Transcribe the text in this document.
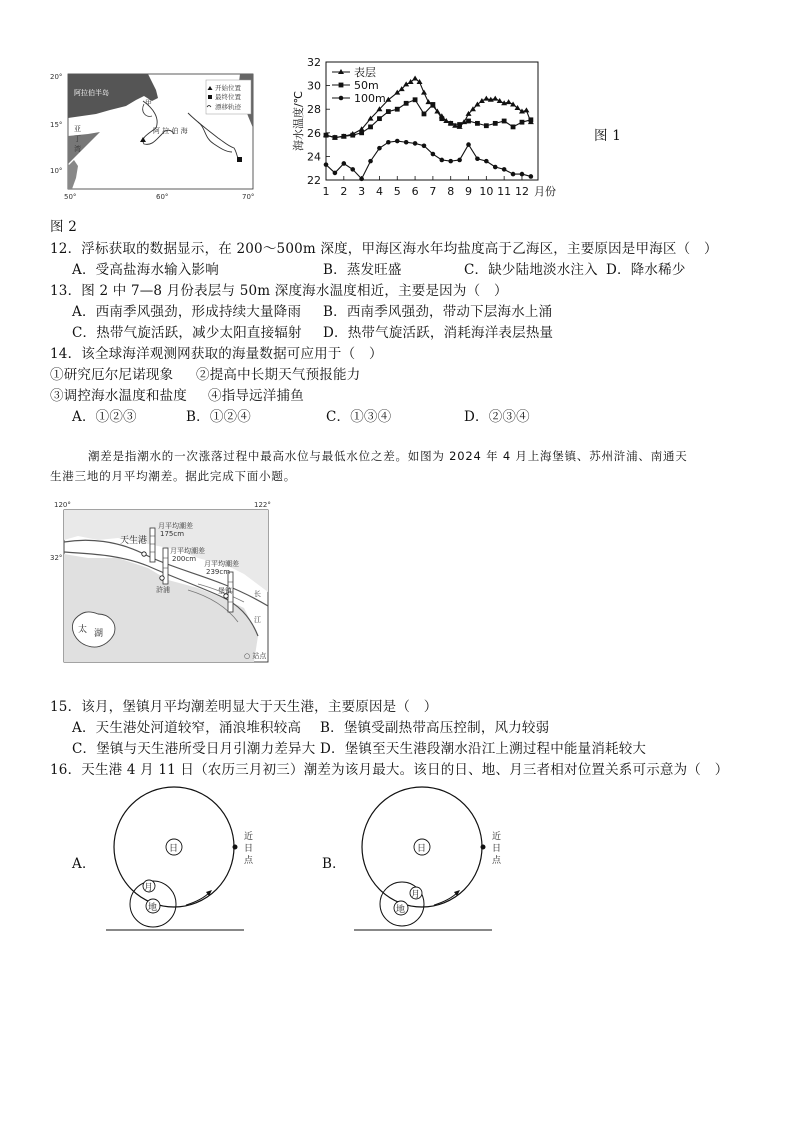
阿拉伯半岛
甲
阿 拉 伯 海
亚
丁
湾
开始位置
最终位置
漂移轨迹
20°
15°
10°
50°	60°	70°
22
24
26
28
30
32
1 2 3 4 5 6 7 8 9 10 11 12
表层
50m
100m
海水温度/℃
月份
图 1
图 2
12．浮标获取的数据显示，在 200～500m 深度，甲海区海水年均盐度高于乙海区，主要原因是甲海区（　）
A．受高盐海水输入影响	B．蒸发旺盛	C．缺少陆地淡水注入 D．降水稀少
13．图 2 中 7—8 月份表层与 50m 深度海水温度相近，主要是因为（　）
A．西南季风强劲，形成持续大量降雨 B．西南季风强劲，带动下层海水上涌
C．热带气旋活跃，减少太阳直接辐射 D．热带气旋活跃，消耗海洋表层热量
14．该全球海洋观测网获取的海量数据可应用于（　）
①研究厄尔尼诺现象 ②提高中长期天气预报能力
③调控海水温度和盐度 ④指导远洋捕鱼
A．①②③	B．①②④	C．①③④	D．②③④
潮差是指潮水的一次涨落过程中最高水位与最低水位之差。如图为 2024 年 4 月上海堡镇、苏州浒浦、南通天
生港三地的月平均潮差。据此完成下面小题。
120°	122°
32°
天生港
浒浦	堡镇
月平均潮差
175cm
月平均潮差
200cm
月平均潮差
239cm
太 湖
长
江
○ 站点
15．该月，堡镇月平均潮差明显大于天生港，主要原因是（　）
A．天生港处河道较窄，涌浪堆积较高 B．堡镇受副热带高压控制，风力较弱
C．堡镇与天生港所受日月引潮力差异大 D．堡镇至天生港段潮水沿江上溯过程中能量消耗较大
16．天生港 4 月 11 日（农历三月初三）潮差为该月最大。该日的日、地、月三者相对位置关系可示意为（　）
A．
日
近
日
点
地
月
B．
日
近
日
点
地
月
